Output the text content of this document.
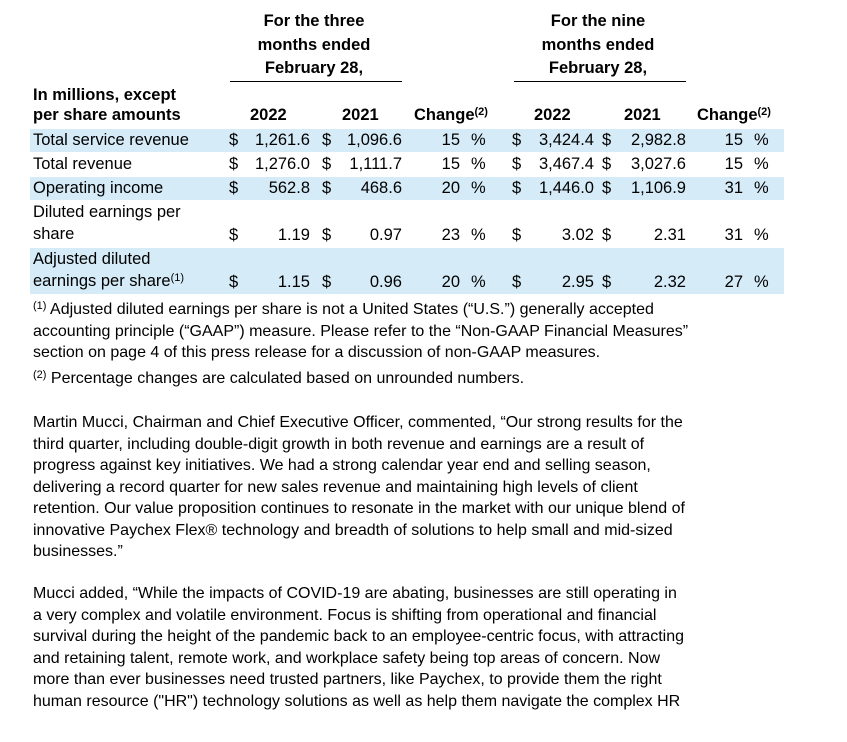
For the three
months ended
February 28,
For the nine
months ended
February 28,
In millions, except
per share amounts	2022	2021 Change$^{(2)}$	2022	2021 Change$^{(2)}$
Total service revenue $	1,261.6 $ 1,096.6	15 %	$	3,424.4 $	2,982.8	15 %
Total revenue	$	1,276.0 $	1,111.7	15 %	$	3,467.4 $	3,027.6	15 %
Operating income	$	562.8 $	468.6	20 %	$	1,446.0 $	1,106.9	31 %
Diluted earnings per
share	$	1.19 $	0.97	23 %	$	3.02 $	2.31	31 %
Adjusted diluted
earnings per share$^{(1)}$	$	1.15 $	0.96	20 %	$	2.95 $	2.32	27 %
$^{(1)}$ Adjusted diluted earnings per share is not a United States (“U.S.”) generally accepted
accounting principle (“GAAP”) measure. Please refer to the “Non-GAAP Financial Measures”
section on page 4 of this press release for a discussion of non-GAAP measures.
$^{(2)}$ Percentage changes are calculated based on unrounded numbers.
Martin Mucci, Chairman and Chief Executive Officer, commented, “Our strong results for the
third quarter, including double-digit growth in both revenue and earnings are a result of
progress against key initiatives. We had a strong calendar year end and selling season,
delivering a record quarter for new sales revenue and maintaining high levels of client
retention. Our value proposition continues to resonate in the market with our unique blend of
innovative Paychex Flex® technology and breadth of solutions to help small and mid-sized
businesses.”
Mucci added, “While the impacts of COVID-19 are abating, businesses are still operating in
a very complex and volatile environment. Focus is shifting from operational and financial
survival during the height of the pandemic back to an employee-centric focus, with attracting
and retaining talent, remote work, and workplace safety being top areas of concern. Now
more than ever businesses need trusted partners, like Paychex, to provide them the right
human resource ("HR") technology solutions as well as help them navigate the complex HR
